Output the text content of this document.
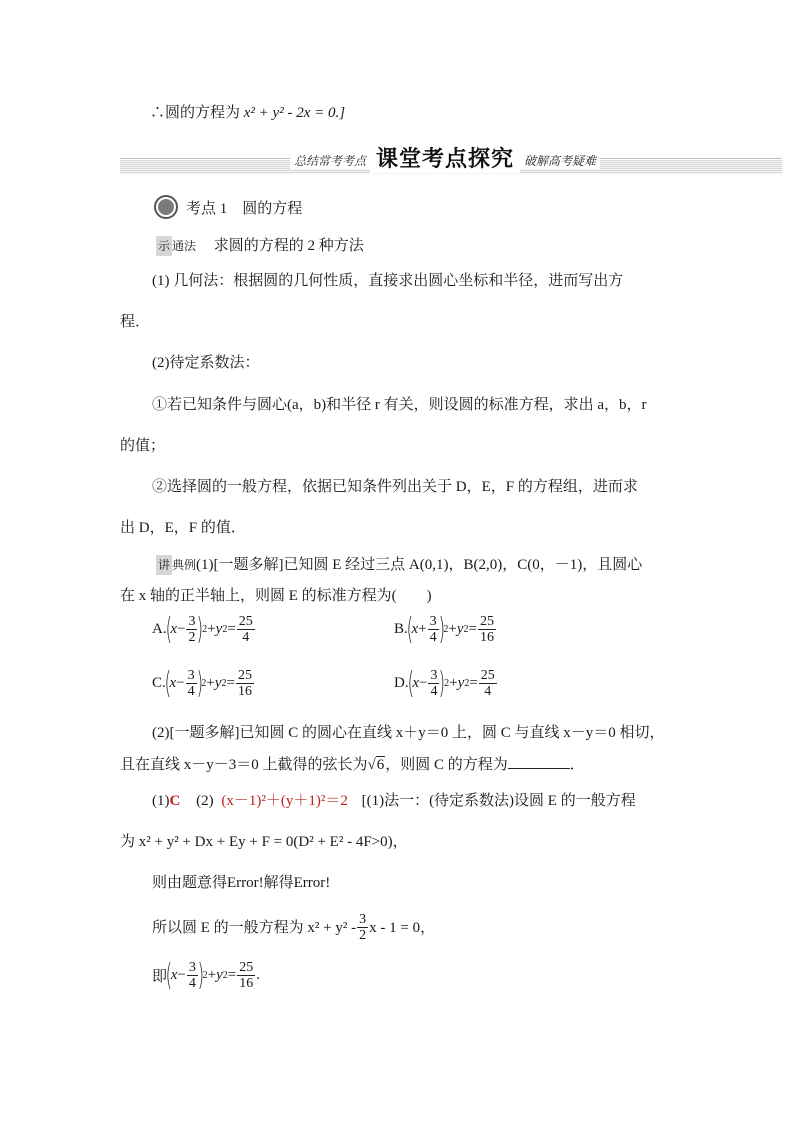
∴圆的方程为 x² + y² - 2x = 0.]
总结常考考点 课堂考点探究 破解高考疑难
考点 1　圆的方程
示 通法 求圆的方程的 2 种方法
(1) 几何法：根据圆的几何性质，直接求出圆心坐标和半径，进而写出方
程．
(2)待定系数法：
①若已知条件与圆心(a，b)和半径 r 有关，则设圆的标准方程，求出 a，b，r
的值；
②选择圆的一般方程，依据已知条件列出关于 D，E，F 的方程组，进而求
出 D，E，F 的值．
讲 典例(1)[一题多解]已知圆 E 经过三点 A(0,1)，B(2,0)，C(0，－1)，且圆心
在 x 轴的正半轴上，则圆 E 的标准方程为(　　)
A.
(
$x - \frac{3}{2}$ )
2 + y $2 = \frac{25}{4}$	B.
(
$x + \frac{3}{4}$ )
2 + y $2 = \frac{25}{16}$
C.
(
$x - \frac{3}{4}$ )
2 + y $2 = \frac{25}{16}$	D.
(
$x - \frac{3}{4}$ )
2 + y $2 = \frac{25}{4}$
(2)[一题多解]已知圆 C 的圆心在直线 x＋y＝0 上，圆 C 与直线 x－y＝0 相切，
且在直线 x－y－3＝0 上截得的弦长为√6，则圆 C 的方程为	．
(1)C (2) (x－1)²＋(y＋1)²＝2 [(1)法一：(待定系数法)设圆 E 的一般方程
为 x² + y² + Dx + Ey + F = 0(D² + E² - 4F>0)，
则由题意得Error!解得Error!
所以圆 E 的一般方程为 $x^2 + y^2 - \frac{3}{2}$ x - 1 = 0，
即
(
$x - \frac{3}{4}$ )
2 + y $2 = \frac{25}{16}$ .
